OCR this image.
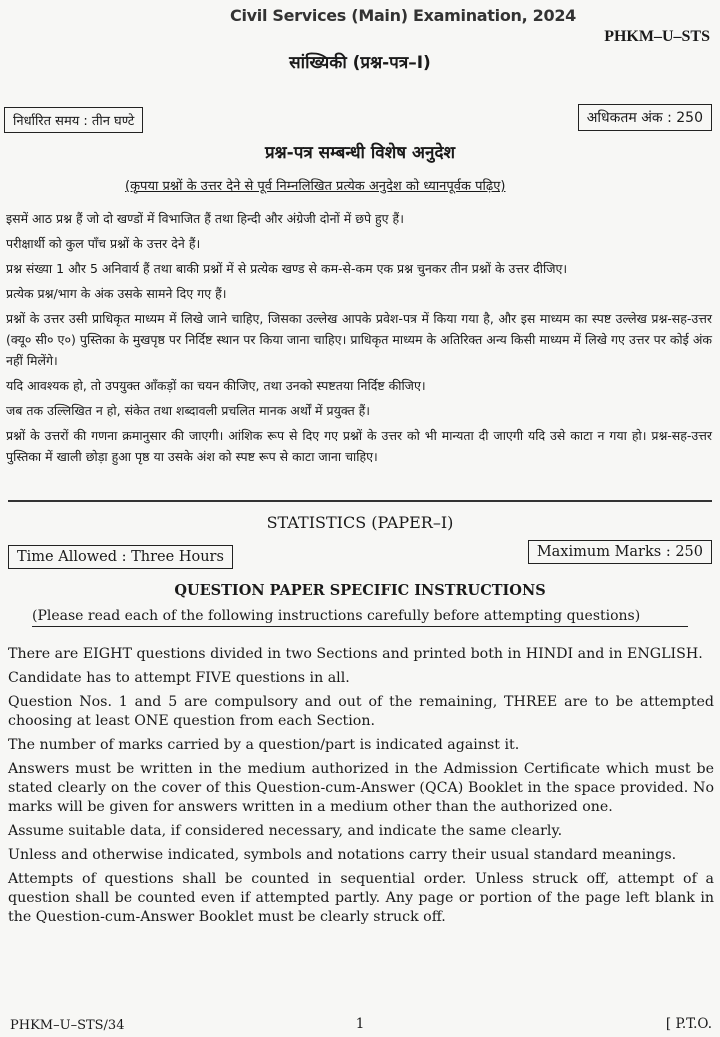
Civil Services (Main) Examination, 2024
PHKM–U–STS
सांख्यिकी (प्रश्न-पत्र–I)
निर्धारित समय : तीन घण्टे	अधिकतम अंक : 250
प्रश्न-पत्र सम्बन्धी विशेष अनुदेश
(कृपया प्रश्नों के उत्तर देने से पूर्व निम्नलिखित प्रत्येक अनुदेश को ध्यानपूर्वक पढ़िए)

इसमें आठ प्रश्न हैं जो दो खण्डों में विभाजित हैं तथा हिन्दी और अंग्रेजी दोनों में छपे हुए हैं।

परीक्षार्थी को कुल पाँच प्रश्नों के उत्तर देने हैं।

प्रश्न संख्या 1 और 5 अनिवार्य हैं तथा बाकी प्रश्नों में से प्रत्येक खण्ड से कम-से-कम एक प्रश्न चुनकर तीन प्रश्नों के उत्तर दीजिए।

प्रत्येक प्रश्न/भाग के अंक उसके सामने दिए गए हैं।

प्रश्नों के उत्तर उसी प्राधिकृत माध्यम में लिखे जाने चाहिए, जिसका उल्लेख आपके प्रवेश-पत्र में किया गया है, और इस माध्यम का स्पष्ट उल्लेख प्रश्न-सह-उत्तर (क्यू० सी० ए०) पुस्तिका के मुखपृष्ठ पर निर्दिष्ट स्थान पर किया जाना चाहिए। प्राधिकृत माध्यम के अतिरिक्त अन्य किसी माध्यम में लिखे गए उत्तर पर कोई अंक नहीं मिलेंगे।

यदि आवश्यक हो, तो उपयुक्त आँकड़ों का चयन कीजिए, तथा उनको स्पष्टतया निर्दिष्ट कीजिए।

जब तक उल्लिखित न हो, संकेत तथा शब्दावली प्रचलित मानक अर्थों में प्रयुक्त हैं।

प्रश्नों के उत्तरों की गणना क्रमानुसार की जाएगी। आंशिक रूप से दिए गए प्रश्नों के उत्तर को भी मान्यता दी जाएगी यदि उसे काटा न गया हो। प्रश्न-सह-उत्तर पुस्तिका में खाली छोड़ा हुआ पृष्ठ या उसके अंश को स्पष्ट रूप से काटा जाना चाहिए।

STATISTICS (PAPER–I)
Time Allowed : Three Hours	Maximum Marks : 250
QUESTION PAPER SPECIFIC INSTRUCTIONS
(Please read each of the following instructions carefully before attempting questions)

There are EIGHT questions divided in two Sections and printed both in HINDI and in ENGLISH.

Candidate has to attempt FIVE questions in all.

Question Nos. 1 and 5 are compulsory and out of the remaining, THREE are to be attempted choosing at least ONE question from each Section.

The number of marks carried by a question/part is indicated against it.

Answers must be written in the medium authorized in the Admission Certificate which must be stated clearly on the cover of this Question-cum-Answer (QCA) Booklet in the space provided. No marks will be given for answers written in a medium other than the authorized one.

Assume suitable data, if considered necessary, and indicate the same clearly.

Unless and otherwise indicated, symbols and notations carry their usual standard meanings.

Attempts of questions shall be counted in sequential order. Unless struck off, attempt of a question shall be counted even if attempted partly. Any page or portion of the page left blank in the Question-cum-Answer Booklet must be clearly struck off.

PHKM–U–STS/34	1	[ P.T.O.
